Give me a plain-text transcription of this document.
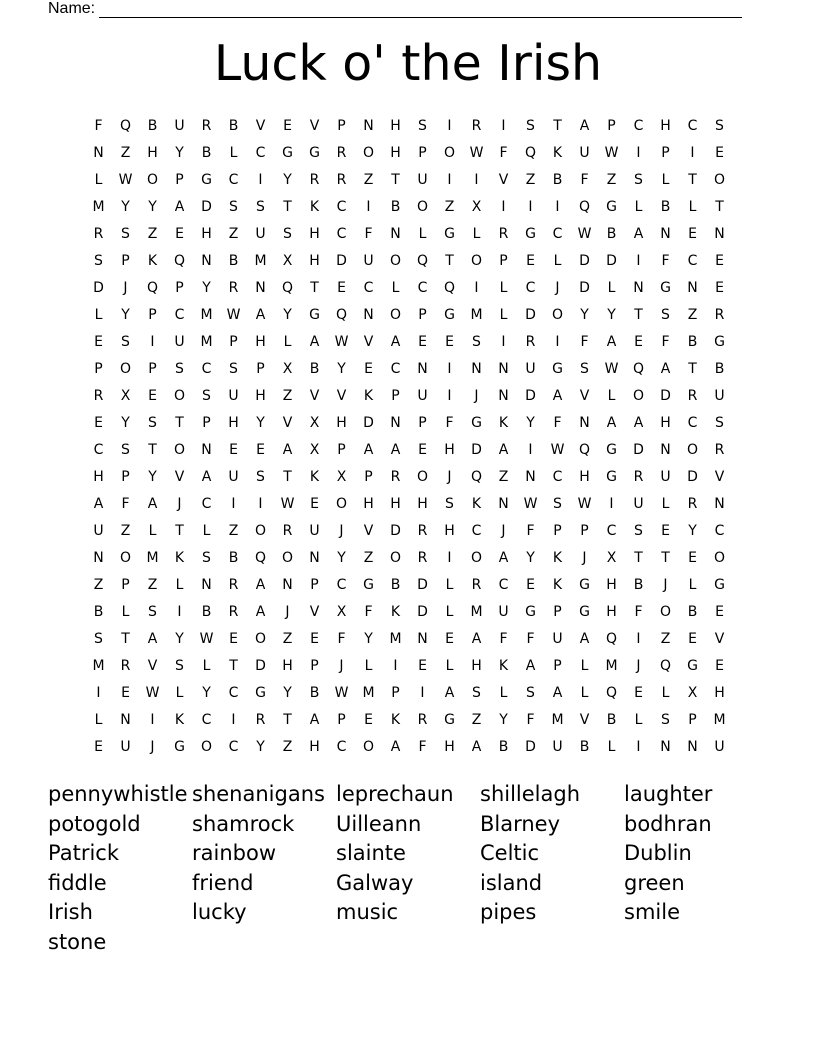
Name:
Luck o' the Irish
F	Q	B	U	R	B	V	E	V	P	N	H	S	I	R	I	S	T	A	P	C	H	C	S
N	Z	H	Y	B	L	C	G	G	R	O	H	P	O	W	F	Q	K	U	W	I	P	I	E
L	W	O	P	G	C	I	Y	R	R	Z	T	U	I	I	V	Z	B	F	Z	S	L	T	O
M	Y	Y	A	D	S	S	T	K	C	I	B	O	Z	X	I	I	I	Q	G	L	B	L	T
R	S	Z	E	H	Z	U	S	H	C	F	N	L	G	L	R	G	C	W	B	A	N	E	N
S	P	K	Q	N	B	M	X	H	D	U	O	Q	T	O	P	E	L	D	D	I	F	C	E
D	J	Q	P	Y	R	N	Q	T	E	C	L	C	Q	I	L	C	J	D	L	N	G	N	E
L	Y	P	C	M	W	A	Y	G	Q	N	O	P	G	M	L	D	O	Y	Y	T	S	Z	R
E	S	I	U	M	P	H	L	A	W	V	A	E	E	S	I	R	I	F	A	E	F	B	G
P	O	P	S	C	S	P	X	B	Y	E	C	N	I	N	N	U	G	S	W	Q	A	T	B
R	X	E	O	S	U	H	Z	V	V	K	P	U	I	J	N	D	A	V	L	O	D	R	U
E	Y	S	T	P	H	Y	V	X	H	D	N	P	F	G	K	Y	F	N	A	A	H	C	S
C	S	T	O	N	E	E	A	X	P	A	A	E	H	D	A	I	W	Q	G	D	N	O	R
H	P	Y	V	A	U	S	T	K	X	P	R	O	J	Q	Z	N	C	H	G	R	U	D	V
A	F	A	J	C	I	I	W	E	O	H	H	H	S	K	N	W	S	W	I	U	L	R	N
U	Z	L	T	L	Z	O	R	U	J	V	D	R	H	C	J	F	P	P	C	S	E	Y	C
N	O	M	K	S	B	Q	O	N	Y	Z	O	R	I	O	A	Y	K	J	X	T	T	E	O
Z	P	Z	L	N	R	A	N	P	C	G	B	D	L	R	C	E	K	G	H	B	J	L	G
B	L	S	I	B	R	A	J	V	X	F	K	D	L	M	U	G	P	G	H	F	O	B	E
S	T	A	Y	W	E	O	Z	E	F	Y	M	N	E	A	F	F	U	A	Q	I	Z	E	V
M	R	V	S	L	T	D	H	P	J	L	I	E	L	H	K	A	P	L	M	J	Q	G	E
I	E	W	L	Y	C	G	Y	B	W	M	P	I	A	S	L	S	A	L	Q	E	L	X	H
L	N	I	K	C	I	R	T	A	P	E	K	R	G	Z	Y	F	M	V	B	L	S	P	M
E	U	J	G	O	C	Y	Z	H	C	O	A	F	H	A	B	D	U	B	L	I	N	N	U
pennywhistle shenanigans leprechaun	shillelagh	laughter
potogold	shamrock	Uilleann	Blarney	bodhran
Patrick	rainbow	slainte	Celtic	Dublin
fiddle	friend	Galway	island	green
Irish	lucky	music	pipes	smile
stone
